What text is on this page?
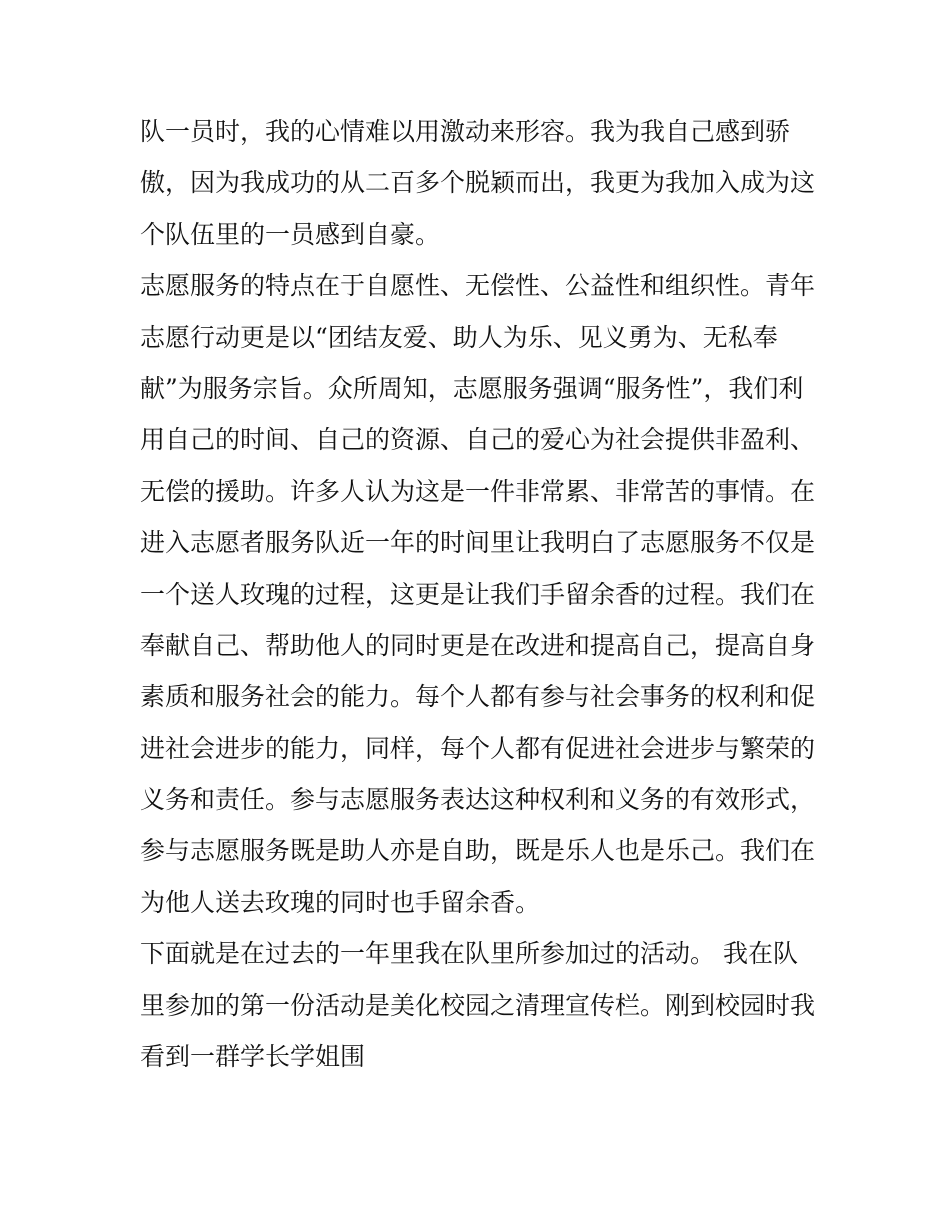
队一员时，我的心情难以用激动来形容。我为我自己感到骄
傲，因为我成功的从二百多个脱颖而出，我更为我加入成为这
个队伍里的一员感到自豪。
志愿服务的特点在于自愿性、无偿性、公益性和组织性。青年
志愿行动更是以“团结友爱、助人为乐、见义勇为、无私奉
献”为服务宗旨。众所周知，志愿服务强调“服务性”，我们利
用自己的时间、自己的资源、自己的爱心为社会提供非盈利、
无偿的援助。许多人认为这是一件非常累、非常苦的事情。在
进入志愿者服务队近一年的时间里让我明白了志愿服务不仅是
一个送人玫瑰的过程，这更是让我们手留余香的过程。我们在
奉献自己、帮助他人的同时更是在改进和提高自己，提高自身
素质和服务社会的能力。每个人都有参与社会事务的权利和促
进社会进步的能力，同样，每个人都有促进社会进步与繁荣的
义务和责任。参与志愿服务表达这种权利和义务的有效形式，
参与志愿服务既是助人亦是自助，既是乐人也是乐己。我们在
为他人送去玫瑰的同时也手留余香。
下面就是在过去的一年里我在队里所参加过的活动。 我在队
里参加的第一份活动是美化校园之清理宣传栏。刚到校园时我
看到一群学长学姐围
